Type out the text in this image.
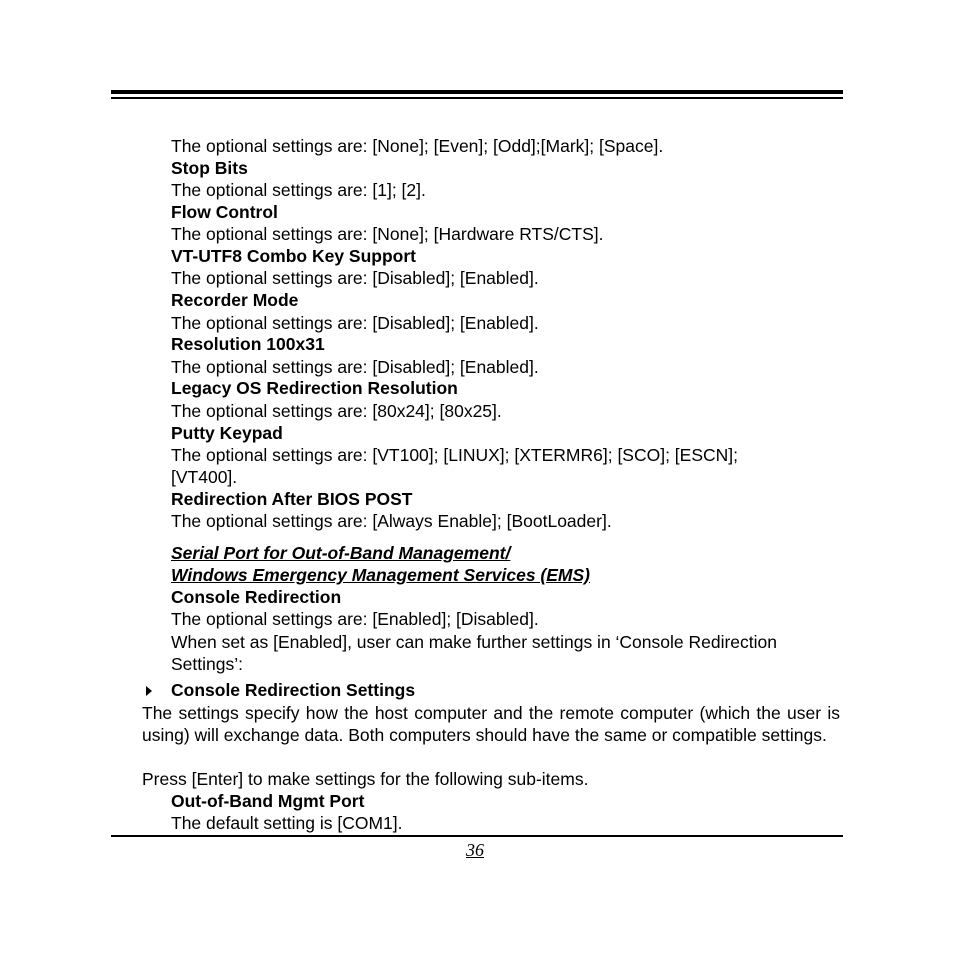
The optional settings are: [None]; [Even]; [Odd];[Mark]; [Space].
Stop Bits
The optional settings are: [1]; [2].
Flow Control
The optional settings are: [None]; [Hardware RTS/CTS].
VT-UTF8 Combo Key Support
The optional settings are: [Disabled]; [Enabled].
Recorder Mode
The optional settings are: [Disabled]; [Enabled].
Resolution 100x31
The optional settings are: [Disabled]; [Enabled].
Legacy OS Redirection Resolution
The optional settings are: [80x24]; [80x25].
Putty Keypad
The optional settings are: [VT100]; [LINUX]; [XTERMR6]; [SCO]; [ESCN];
[VT400].
Redirection After BIOS POST
The optional settings are: [Always Enable]; [BootLoader].
Serial Port for Out-of-Band Management/
Windows Emergency Management Services (EMS)
Console Redirection
The optional settings are: [Enabled]; [Disabled].
When set as [Enabled], user can make further settings in ‘Console Redirection Settings’:
Console Redirection Settings
The settings specify how the host computer and the remote computer (which the user is using) will exchange data. Both computers should have the same or compatible settings.
Press [Enter] to make settings for the following sub-items.
Out-of-Band Mgmt Port
The default setting is [COM1].
36
